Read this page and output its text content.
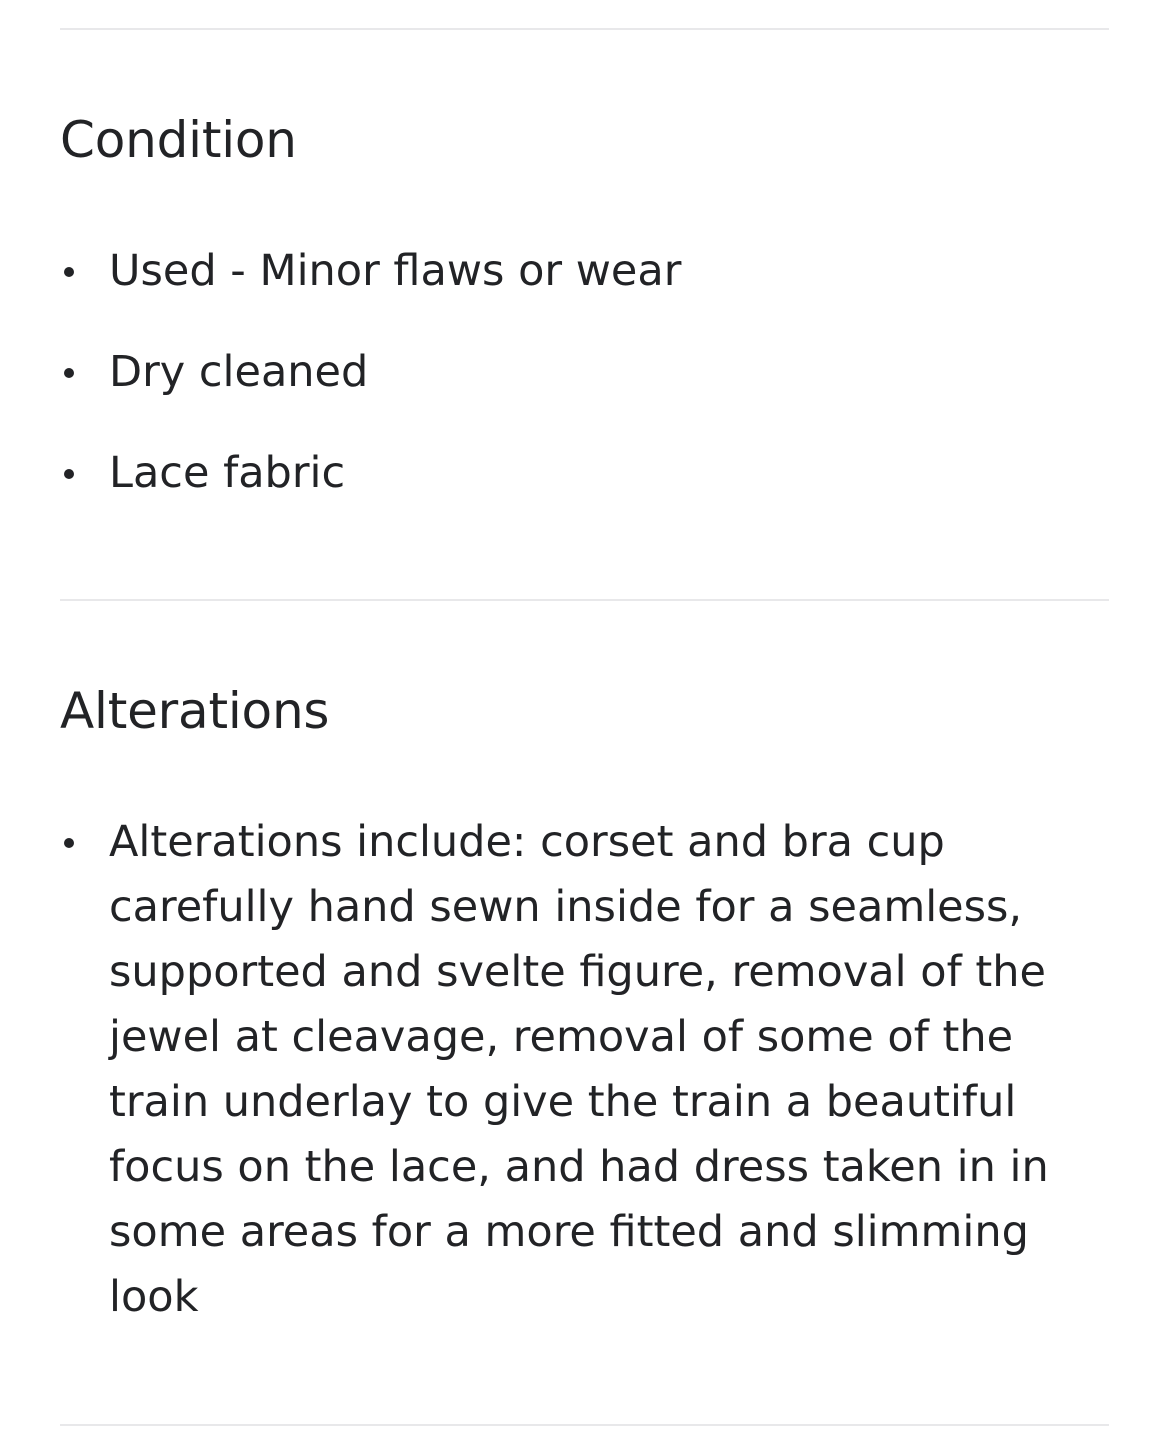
Condition
Used - Minor flaws or wear
Dry cleaned
Lace fabric
Alterations
Alterations include: corset and bra cup carefully hand sewn inside for a seamless, supported and svelte figure, removal of the jewel at cleavage, removal of some of the train underlay to give the train a beautiful focus on the lace, and had dress taken in in some areas for a more fitted and slimming look
